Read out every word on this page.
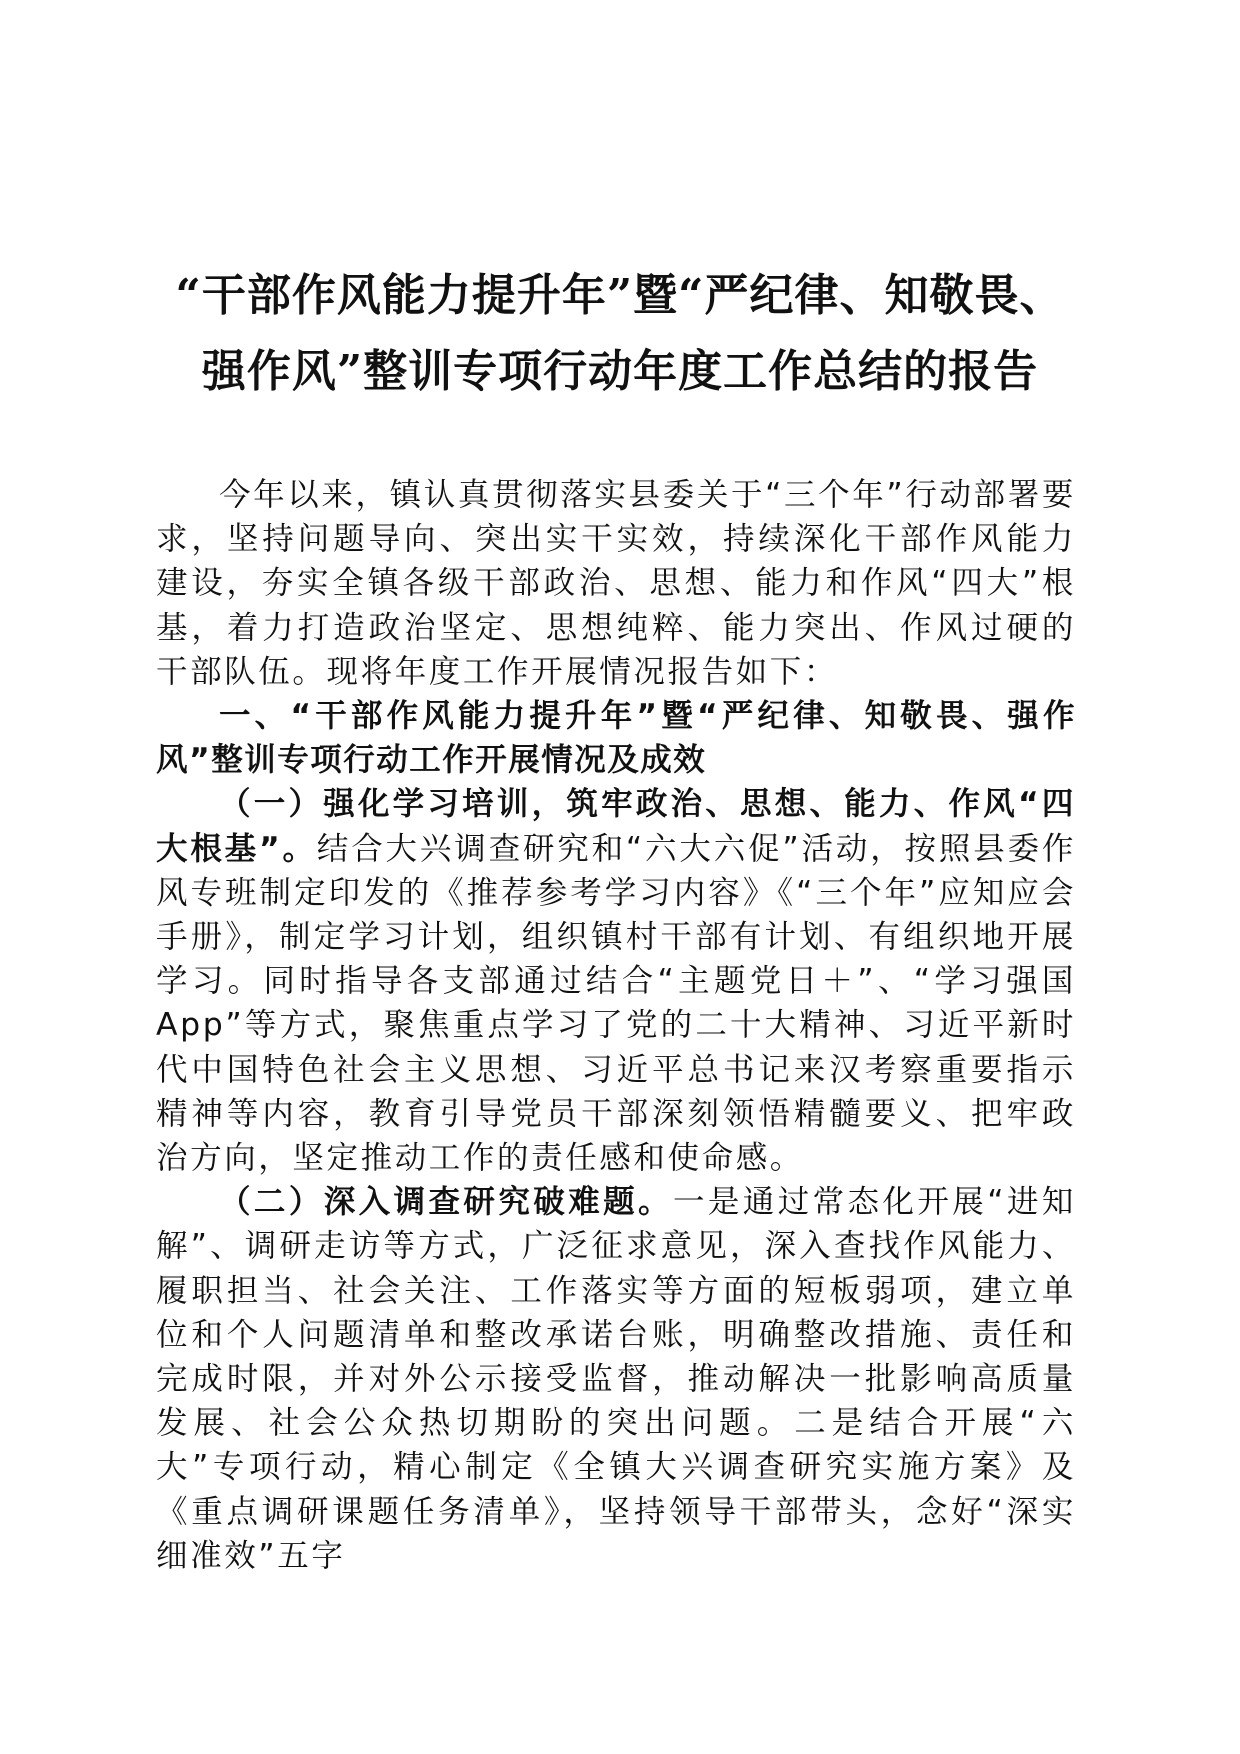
“干部作风能力提升年”暨“严纪律、知敬畏、
强作风”整训专项行动年度工作总结的报告

今年以来，镇认真贯彻落实县委关于“三个年”行动部署要求，坚持问题导向、突出实干实效，持续深化干部作风能力建设，夯实全镇各级干部政治、思想、能力和作风“四大”根基，着力打造政治坚定、思想纯粹、能力突出、作风过硬的干部队伍。现将年度工作开展情况报告如下：

一、“干部作风能力提升年”暨“严纪律、知敬畏、强作风”整训专项行动工作开展情况及成效

（一）强化学习培训，筑牢政治、思想、能力、作风“四大根基”。结合大兴调查研究和“六大六促”活动，按照县委作风专班制定印发的《推荐参考学习内容》《“三个年”应知应会手册》，制定学习计划，组织镇村干部有计划、有组织地开展学习。同时指导各支部通过结合“主题党日＋”、“学习强国App”等方式，聚焦重点学习了党的二十大精神、习近平新时代中国特色社会主义思想、习近平总书记来汉考察重要指示精神等内容，教育引导党员干部深刻领悟精髓要义、把牢政治方向，坚定推动工作的责任感和使命感。

（二）深入调查研究破难题。一是通过常态化开展“进知解”、调研走访等方式，广泛征求意见，深入查找作风能力、履职担当、社会关注、工作落实等方面的短板弱项，建立单位和个人问题清单和整改承诺台账，明确整改措施、责任和完成时限，并对外公示接受监督，推动解决一批影响高质量发展、社会公众热切期盼的突出问题。二是结合开展“六大”专项行动，精心制定《全镇大兴调查研究实施方案》及《重点调研课题任务清单》，坚持领导干部带头，念好“深实细准效”五字
